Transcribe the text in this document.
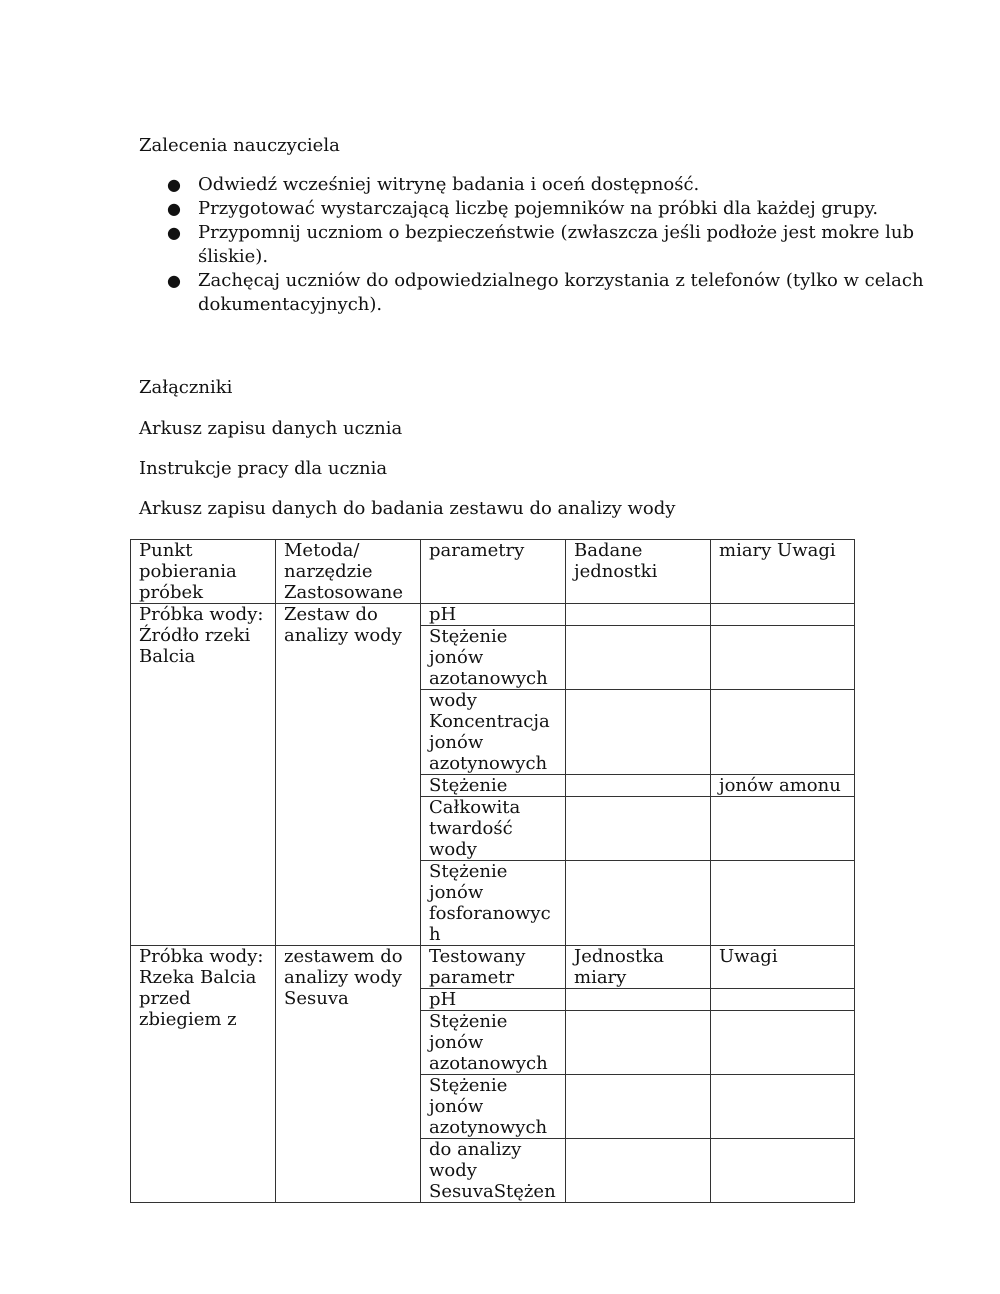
Zalecenia nauczyciela

● Odwiedź wcześniej witrynę badania i oceń dostępność.
● Przygotować wystarczającą liczbę pojemników na próbki dla każdej grupy.
● Przypomnij uczniom o bezpieczeństwie (zwłaszcza jeśli podłoże jest mokre lub
śliskie).
● Zachęcaj uczniów do odpowiedzialnego korzystania z telefonów (tylko w celach
dokumentacyjnych).

Załączniki

Arkusz zapisu danych ucznia

Instrukcje pracy dla ucznia

Arkusz zapisu danych do badania zestawu do analizy wody

Punkt
pobierania
próbek	Metoda/
narzędzie
Zastosowane	parametry	Badane
jednostki	miary Uwagi
Próbka wody:
Źródło rzeki
Balcia	Zestaw do
analizy wody	pH		
		Stężenie
jonów
azotanowych		
		wody
Koncentracja
jonów
azotynowych		
		Stężenie		jonów amonu
		Całkowita
twardość
wody		
		Stężenie
jonów
fosforanowyc
h		
Próbka wody:
Rzeka Balcia
przed
zbiegiem z	zestawem do
analizy wody
Sesuva	Testowany
parametr	Jednostka
miary	Uwagi
		pH		
		Stężenie
jonów
azotanowych		
		Stężenie
jonów
azotynowych		
		do analizy
wody
SesuvaStężen		
